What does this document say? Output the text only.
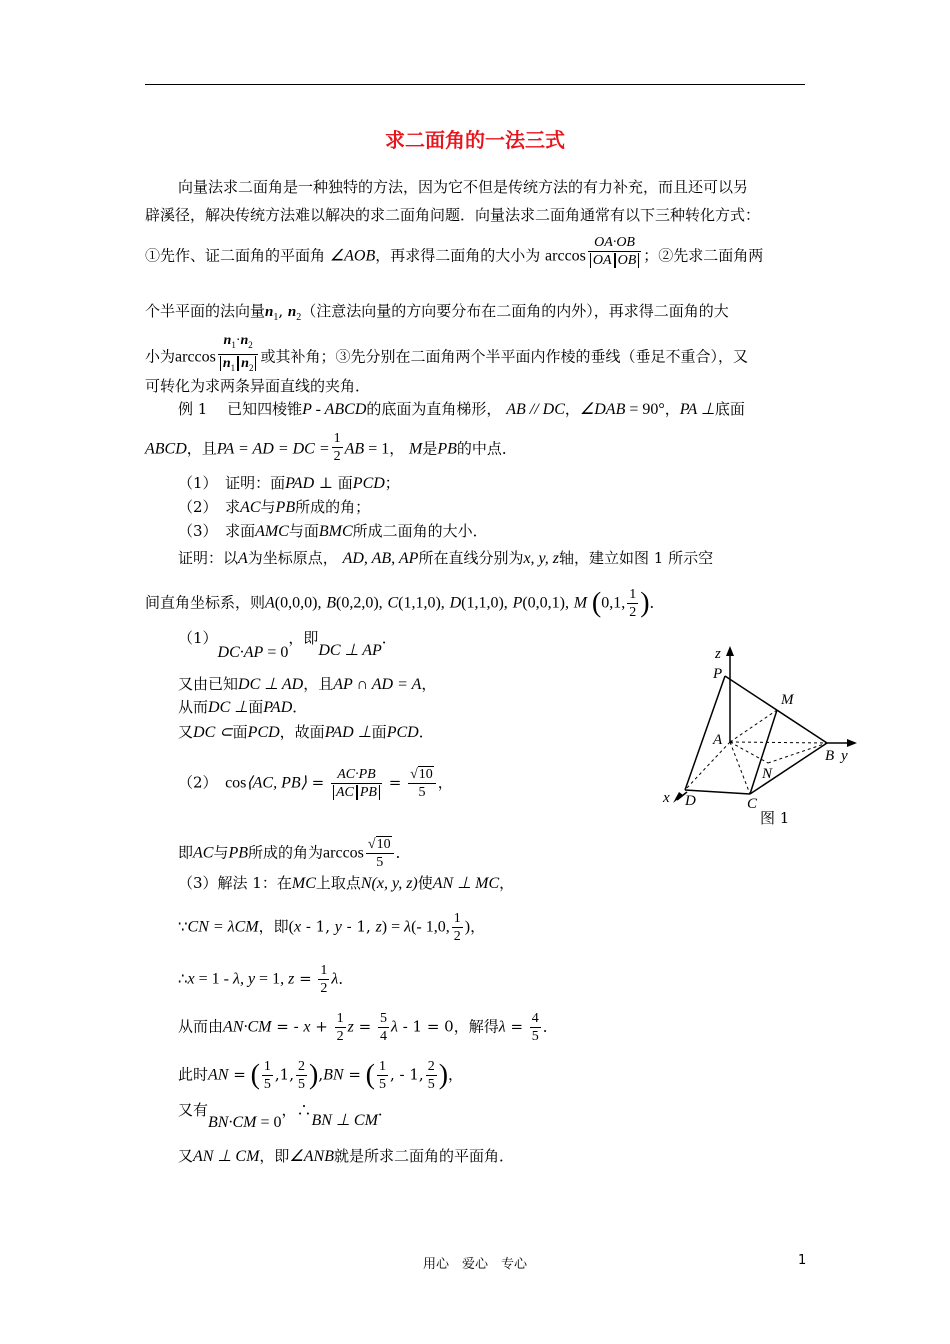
求二面角的一法三式
向量法求二面角是一种独特的方法，因为它不但是传统方法的有力补充，而且还可以另
辟溪径，解决传统方法难以解决的求二面角问题．向量法求二面角通常有以下三种转化方式：
①先作、证二面角的平面角 ∠AOB，再求得二面角的大小为 $\arccos \frac{OA\cdot OB}{\text{OA OB}}$ ；②先求二面角两
个半平面的法向量$n_1$, $n_2$（注意法向量的方向要分布在二面角的内外），再求得二面角的大
小为$\arccos \frac{n_1\cdot n_2}{n_1 n_2}$ 或其补角；③先分别在二面角两个半平面内作棱的垂线（垂足不重合），又
可转化为求两条异面直线的夹角．
例 1　 已知四棱锥P - ABCD的底面为直角梯形， AB // DC，∠DAB = 90°，PA ⊥底面
ABCD，且PA = AD = DC = $\frac{1}{2}$ AB = 1， M是PB的中点．
（1）　 证明：面PAD ⊥ 面PCD；
（2）　 求AC与PB所成的角；
（3）　 求面AMC与面BMC所成二面角的大小．
证明：以A为坐标原点， AD, AB, AP所在直线分别为x, y, z轴，建立如图 1 所示空
间直角坐标系，则A(0,0,0), B(0,2,0), C(1,1,0), D(1,1,0), P(0,0,1), M (0,1, $\frac{1}{2}$ )．
（1）DC·AP = 0，即DC ⊥ AP．
又由已知DC ⊥ AD，且AP ∩ AD = A，
从而DC ⊥面PAD．
又DC ⊂面PCD，故面PAD ⊥面PCD．
（2）　 cos⟨AC, PB⟩ = $\frac{AC\cdot PB}{\text{AC PB}} = \frac{√10}{5}$ ，
即AC与PB所成的角为$\arccos \frac{√10}{5}$ ．
（3）解法 1：在MC上取点N(x, y, z)使AN ⊥ MC，
∵CN = λCM，即(x - 1, y - 1, z) = λ(- 1,0, $\frac{1}{2}$ )，
∴x = 1 - λ, y = 1, $z = \frac{1}{2}$ λ．
从而由AN·CM = - $x + \frac{1}{2}$ $z = \frac{5}{4}$ λ - 1 = 0，解得$\lambda = \frac{4}{5}$ ．
此时AN = ( $\frac{1}{5} ,1$, $\frac{2}{5} ),BN$ = ( $\frac{1}{5}$ , - 1, $\frac{2}{5}$ )，
又有BN·CM = 0，∴BN ⊥ CM．
又AN ⊥ CM，即∠ANB就是所求二面角的平面角．
z
P
M
A
B y
N
x D	C
图 1
用心　爱心　专心	1
